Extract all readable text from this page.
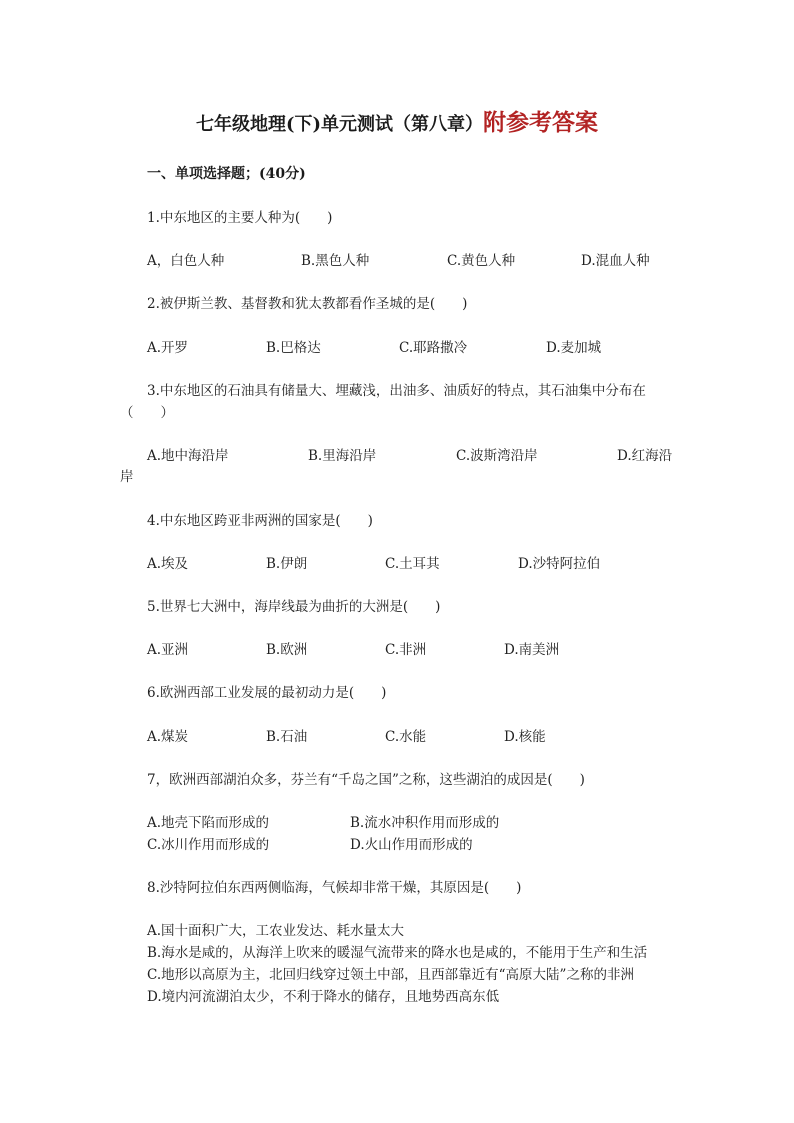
七年级地理(下)单元测试（第八章）附参考答案
一、单项选择题；(40分)
1.中东地区的主要人种为(　　)
A，白色人种	B.黑色人种	C.黄色人种	D.混血人种
2.被伊斯兰教、基督教和犹太教都看作圣城的是(　　)
A.开罗	B.巴格达	C.耶路撒冷	D.麦加城
3.中东地区的石油具有储量大、埋藏浅，出油多、油质好的特点，其石油集中分布在
（　　）
A.地中海沿岸	B.里海沿岸	C.波斯湾沿岸	D.红海沿
岸
4.中东地区跨亚非两洲的国家是(　　)
A.埃及	B.伊朗	C.土耳其	D.沙特阿拉伯
5.世界七大洲中，海岸线最为曲折的大洲是(　　)
A.亚洲	B.欧洲	C.非洲	D.南美洲
6.欧洲西部工业发展的最初动力是(　　)
A.煤炭	B.石油	C.水能	D.核能
7，欧洲西部湖泊众多，芬兰有“千岛之国”之称，这些湖泊的成因是(　　)
A.地壳下陷而形成的	B.流水冲积作用而形成的
C.冰川作用而形成的	D.火山作用而形成的
8.沙特阿拉伯东西两侧临海，气候却非常干燥，其原因是(　　)
A.国十面积广大，工农业发达、耗水量太大
B.海水是咸的，从海洋上吹来的暖湿气流带来的降水也是咸的，不能用于生产和生活
C.地形以高原为主，北回归线穿过领土中部，且西部靠近有“高原大陆”之称的非洲
D.境内河流湖泊太少，不利于降水的储存，且地势西高东低
